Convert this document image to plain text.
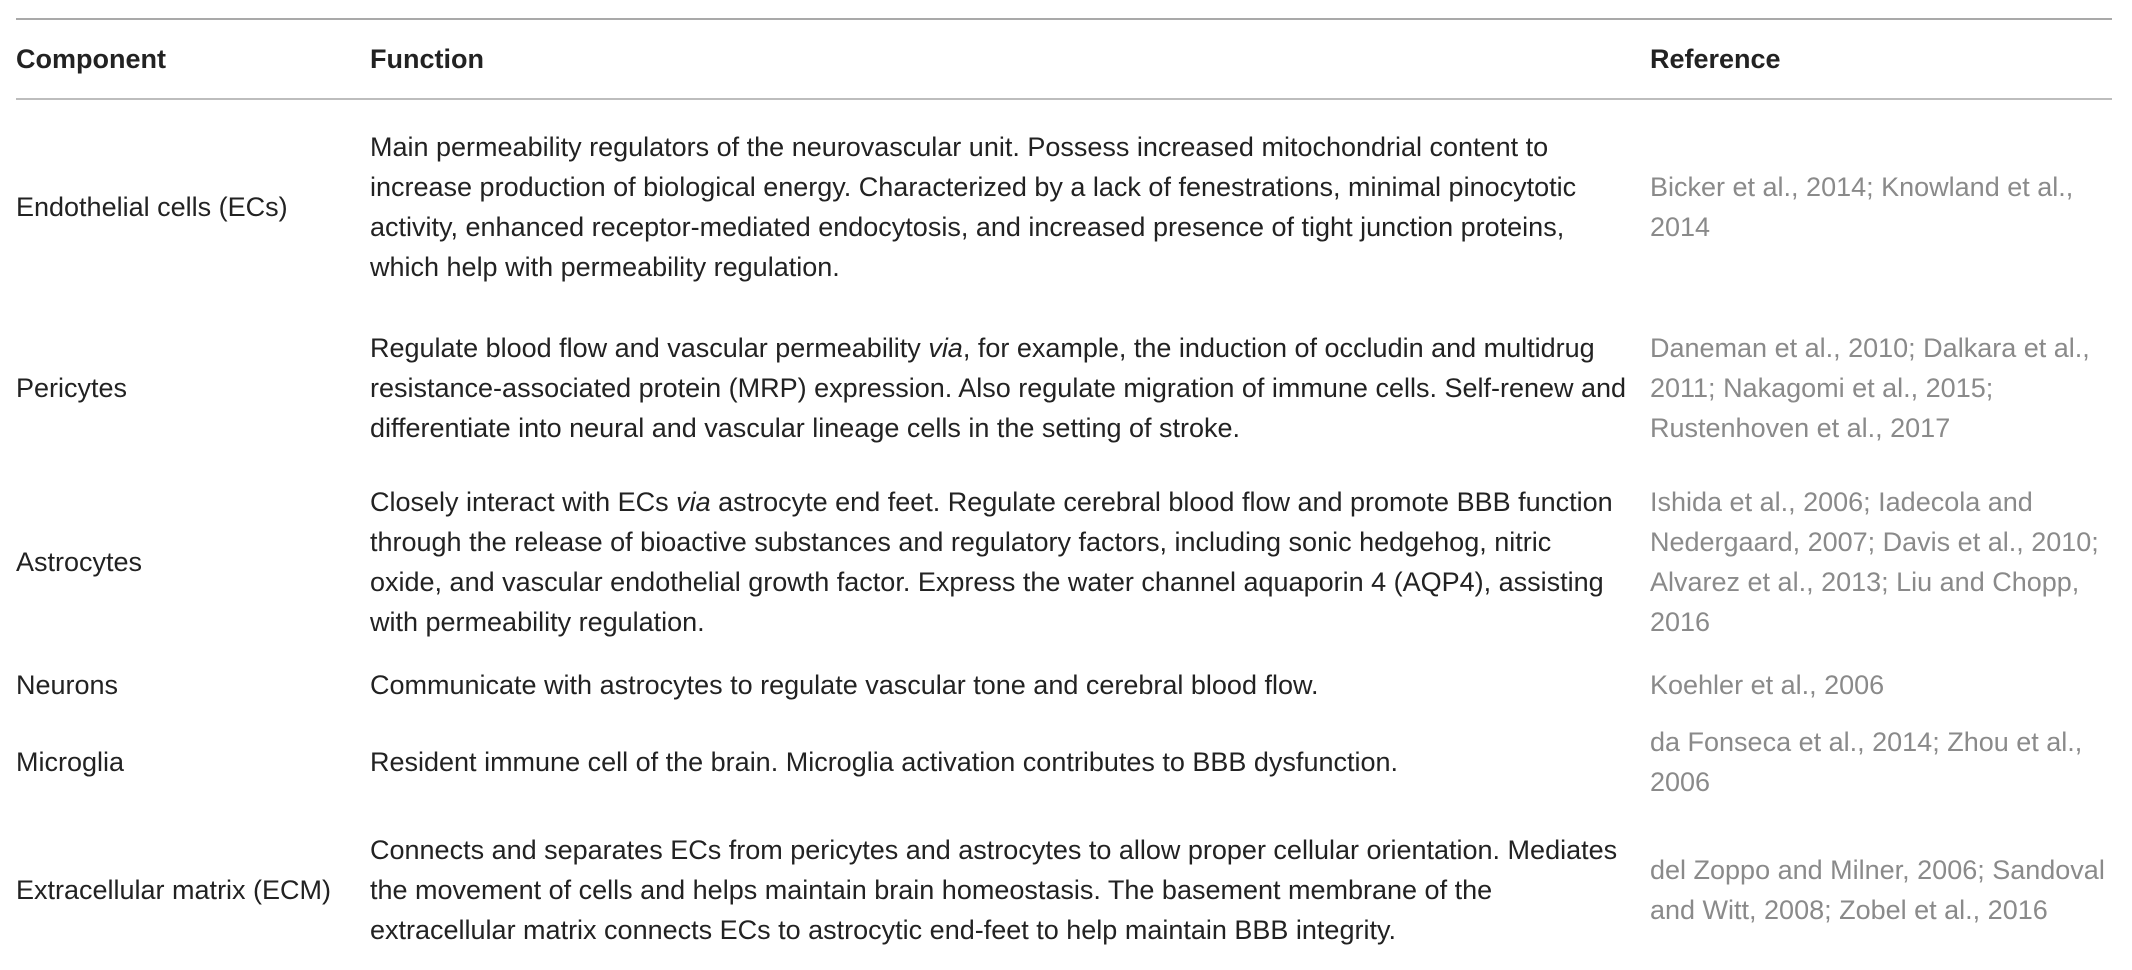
Component	Function	Reference
Endothelial cells (ECs)	Main permeability regulators of the neurovascular unit. Possess increased mitochondrial content to increase production of biological energy. Characterized by a lack of fenestrations, minimal pinocytotic activity, enhanced receptor-mediated endocytosis, and increased presence of tight junction proteins, which help with permeability regulation.	Bicker et al., 2014; Knowland et al., 2014
Pericytes	Regulate blood flow and vascular permeability via, for example, the induction of occludin and multidrug resistance-associated protein (MRP) expression. Also regulate migration of immune cells. Self-renew and differentiate into neural and vascular lineage cells in the setting of stroke.	Daneman et al., 2010; Dalkara et al., 2011; Nakagomi et al., 2015; Rustenhoven et al., 2017
Astrocytes	Closely interact with ECs via astrocyte end feet. Regulate cerebral blood flow and promote BBB function through the release of bioactive substances and regulatory factors, including sonic hedgehog, nitric oxide, and vascular endothelial growth factor. Express the water channel aquaporin 4 (AQP4), assisting with permeability regulation.	Ishida et al., 2006; Iadecola and Nedergaard, 2007; Davis et al., 2010; Alvarez et al., 2013; Liu and Chopp, 2016
Neurons	Communicate with astrocytes to regulate vascular tone and cerebral blood flow.	Koehler et al., 2006
Microglia	Resident immune cell of the brain. Microglia activation contributes to BBB dysfunction.	da Fonseca et al., 2014; Zhou et al., 2006
Extracellular matrix (ECM)	Connects and separates ECs from pericytes and astrocytes to allow proper cellular orientation. Mediates the movement of cells and helps maintain brain homeostasis. The basement membrane of the extracellular matrix connects ECs to astrocytic end-feet to help maintain BBB integrity.	del Zoppo and Milner, 2006; Sandoval and Witt, 2008; Zobel et al., 2016
